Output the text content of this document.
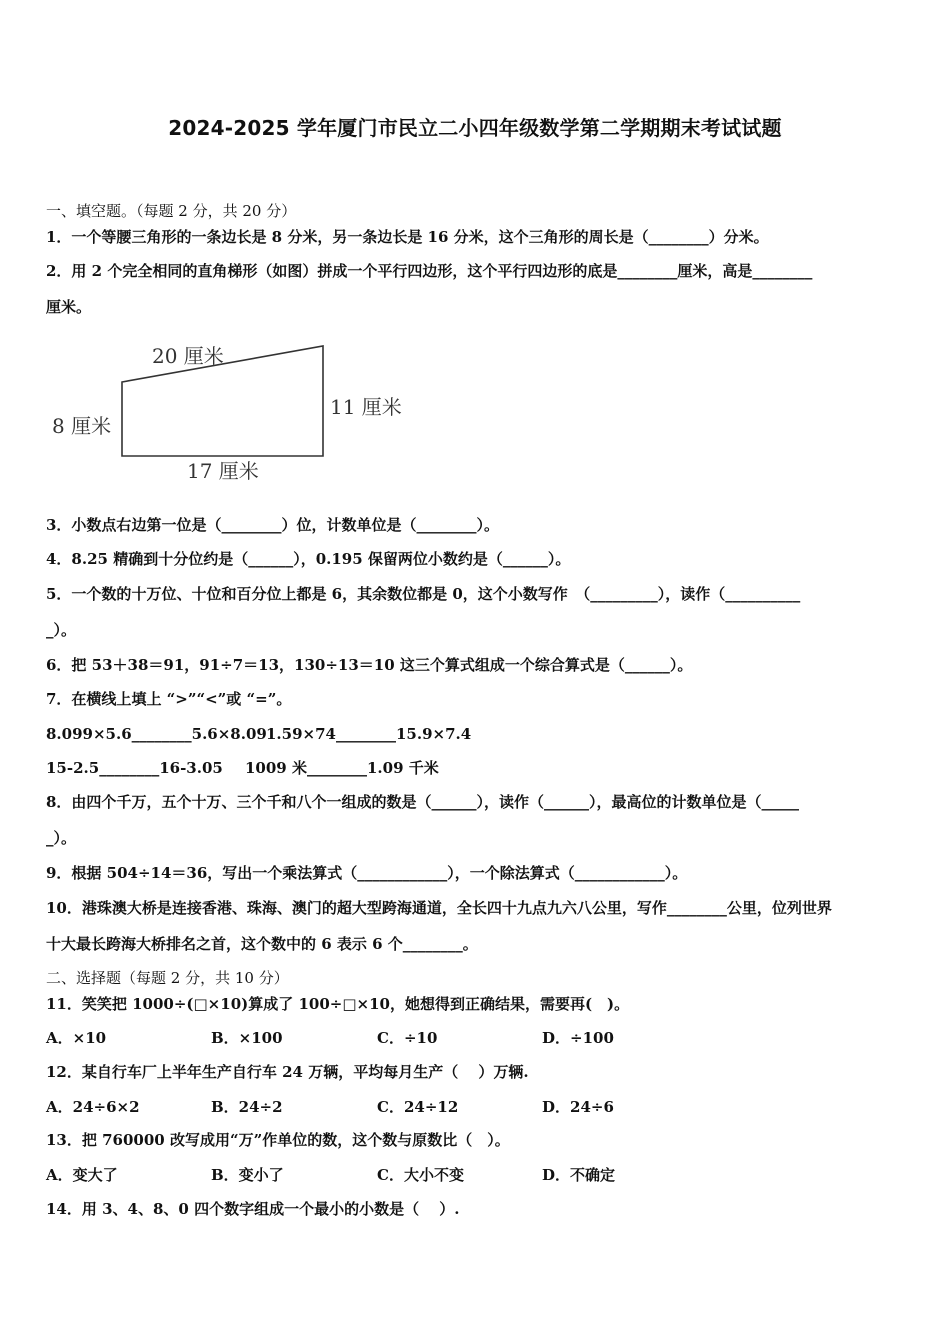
2024-2025 学年厦门市民立二小四年级数学第二学期期末考试试题
一、填空题。（每题 2 分，共 20 分）
1．一个等腰三角形的一条边长是 8 分米，另一条边长是 16 分米，这个三角形的周长是（________）分米。
2．用 2 个完全相同的直角梯形（如图）拼成一个平行四边形，这个平行四边形的底是________厘米，高是________
厘米。
20 厘米
8 厘米
11 厘米
17 厘米
3．小数点右边第一位是（________）位，计数单位是（________）。
4．8.25 精确到十分位约是（______），0.195 保留两位小数约是（______）。
5．一个数的十万位、十位和百分位上都是 6，其余数位都是 0，这个小数写作　（_________），读作（__________
_）。
6．把 53＋38＝91，91÷7＝13，130÷13＝10 这三个算式组成一个综合算式是（______）。
7．在横线上填上 “>”“<”或 “=”。
8.099×5.6________5.6×8.09 1.59×74________15.9×7.4
15-2.5________16-3.05 1009 米________1.09 千米
8．由四个千万，五个十万、三个千和八个一组成的数是（______），读作（______），最高位的计数单位是（_____
_）。
9．根据 504÷14＝36，写出一个乘法算式（____________），一个除法算式（____________）。
10．港珠澳大桥是连接香港、珠海、澳门的超大型跨海通道，全长四十九点九六八公里，写作________公里，位列世界
十大最长跨海大桥排名之首，这个数中的 6 表示 6 个________。
二、选择题（每题 2 分，共 10 分）
11．笑笑把 1000÷(□×10)算成了 100÷□×10，她想得到正确结果，需要再(　)。
A．×10	B．×100	C．÷10	D．÷100
12．某自行车厂上半年生产自行车 24 万辆，平均每月生产（　 ）万辆.
A．24÷6×2	B．24÷2	C．24÷12	D．24÷6
13．把 760000 改写成用“万”作单位的数，这个数与原数比（　）。
A．变大了	B．变小了	C．大小不变	D．不确定
14．用 3、4、8、0 四个数字组成一个最小的小数是（　 ）.
